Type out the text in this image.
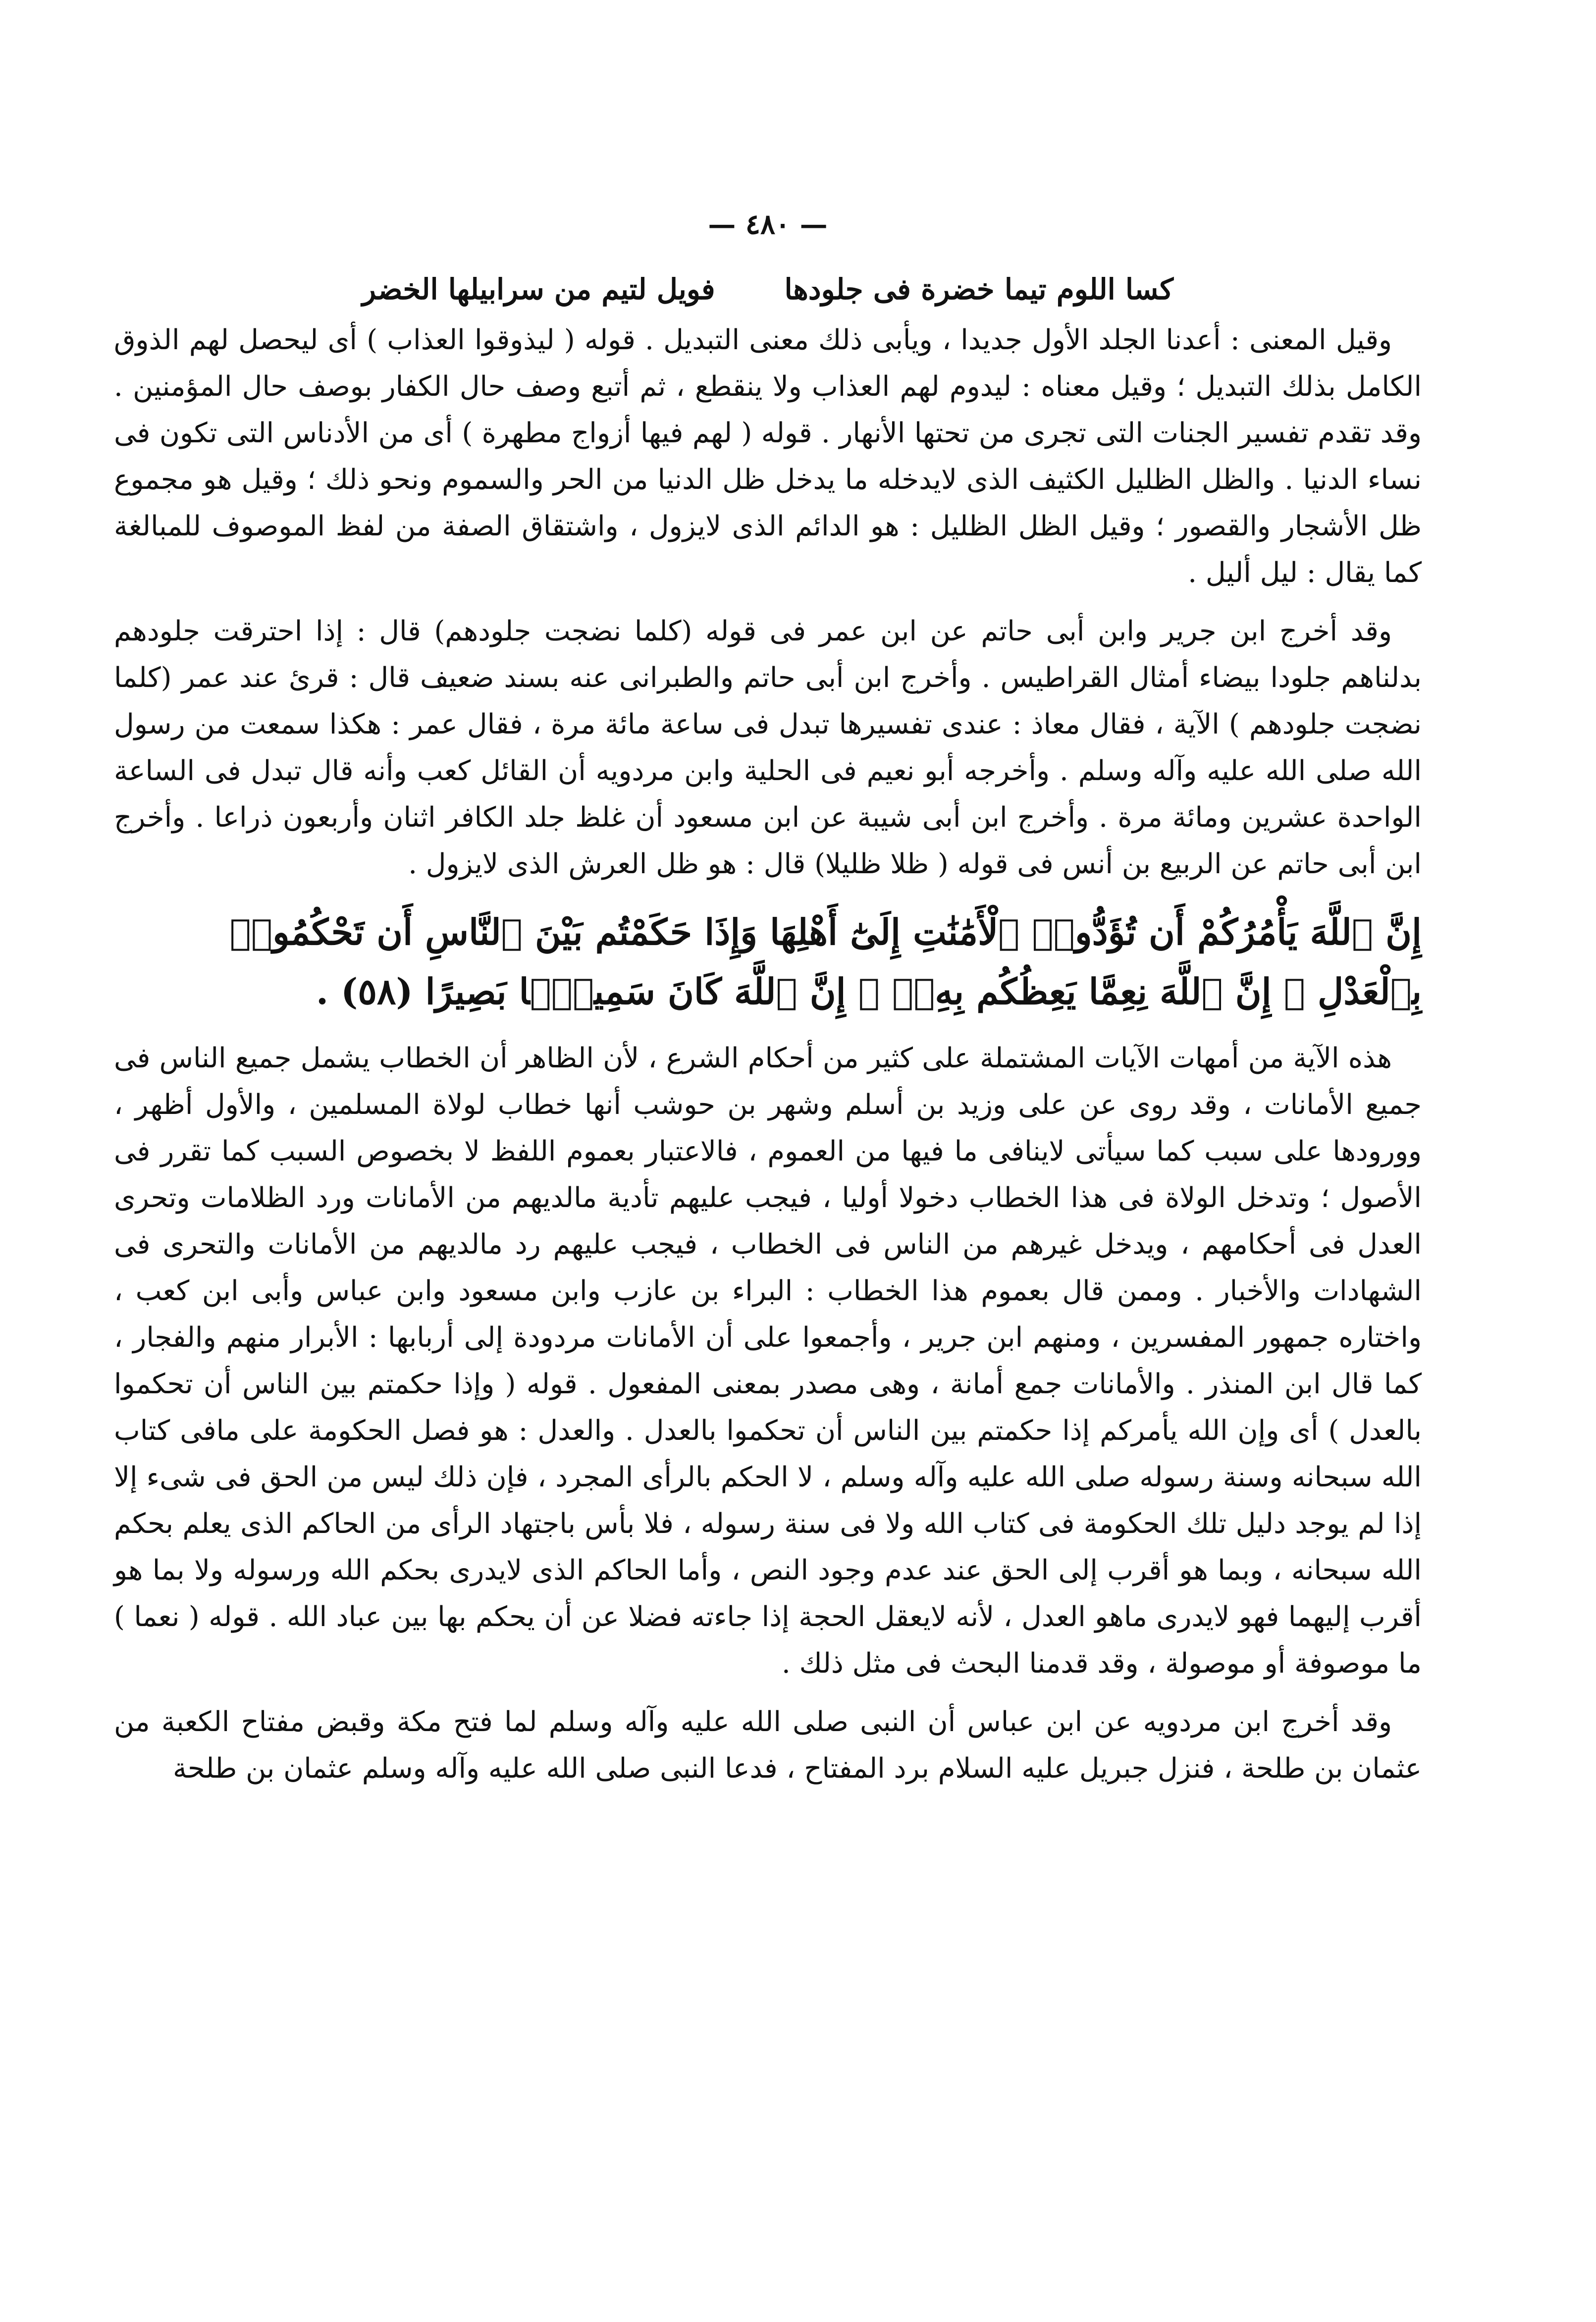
— ٤٨٠ —
كسا اللوم تيما خضرة فى جلودها
فويل لتيم من سرابيلها الخضر

وقيل المعنى : أعدنا الجلد الأول جديدا ، ويأبى ذلك معنى التبديل . قوله ( ليذوقوا العذاب ) أى ليحصل لهم الذوق الكامل بذلك التبديل ؛ وقيل معناه : ليدوم لهم العذاب ولا ينقطع ، ثم أتبع وصف حال الكفار بوصف حال المؤمنين . وقد تقدم تفسير الجنات التى تجرى من تحتها الأنهار . قوله ( لهم فيها أزواج مطهرة ) أى من الأدناس التى تكون فى نساء الدنيا . والظل الظليل الكثيف الذى لايدخله ما يدخل ظل الدنيا من الحر والسموم ونحو ذلك ؛ وقيل هو مجموع ظل الأشجار والقصور ؛ وقيل الظل الظليل : هو الدائم الذى لايزول ، واشتقاق الصفة من لفظ الموصوف للمبالغة كما يقال : ليل أليل .

وقد أخرج ابن جرير وابن أبى حاتم عن ابن عمر فى قوله (كلما نضجت جلودهم) قال : إذا احترقت جلودهم بدلناهم جلودا بيضاء أمثال القراطيس . وأخرج ابن أبى حاتم والطبرانى عنه بسند ضعيف قال : قرئ عند عمر (كلما نضجت جلودهم ) الآية ، فقال معاذ : عندى تفسيرها تبدل فى ساعة مائة مرة ، فقال عمر : هكذا سمعت من رسول الله صلى الله عليه وآله وسلم . وأخرجه أبو نعيم فى الحلية وابن مردويه أن القائل كعب وأنه قال تبدل فى الساعة الواحدة عشرين ومائة مرة . وأخرج ابن أبى شيبة عن ابن مسعود أن غلظ جلد الكافر اثنان وأربعون ذراعا . وأخرج ابن أبى حاتم عن الربيع بن أنس فى قوله ( ظلا ظليلا) قال : هو ظل العرش الذى لايزول .

إِنَّ ٱللَّهَ يَأْمُرُكُمْ أَن تُؤَدُّوا۟ ٱلْأَمَٰنَٰتِ إِلَىٰٓ أَهْلِهَا وَإِذَا حَكَمْتُم بَيْنَ ٱلنَّاسِ أَن تَحْكُمُوا۟ بِٱلْعَدْلِ ۚ إِنَّ ٱللَّهَ نِعِمَّا يَعِظُكُم بِهِۦٓ ۗ إِنَّ ٱللَّهَ كَانَ سَمِيعًۢا بَصِيرًا (٥٨) .

هذه الآية من أمهات الآيات المشتملة على كثير من أحكام الشرع ، لأن الظاهر أن الخطاب يشمل جميع الناس فى جميع الأمانات ، وقد روى عن على وزيد بن أسلم وشهر بن حوشب أنها خطاب لولاة المسلمين ، والأول أظهر ، وورودها على سبب كما سيأتى لاينافى ما فيها من العموم ، فالاعتبار بعموم اللفظ لا بخصوص السبب كما تقرر فى الأصول ؛ وتدخل الولاة فى هذا الخطاب دخولا أوليا ، فيجب عليهم تأدية مالديهم من الأمانات ورد الظلامات وتحرى العدل فى أحكامهم ، ويدخل غيرهم من الناس فى الخطاب ، فيجب عليهم رد مالديهم من الأمانات والتحرى فى الشهادات والأخبار . وممن قال بعموم هذا الخطاب : البراء بن عازب وابن مسعود وابن عباس وأبى ابن كعب ، واختاره جمهور المفسرين ، ومنهم ابن جرير ، وأجمعوا على أن الأمانات مردودة إلى أربابها : الأبرار منهم والفجار ، كما قال ابن المنذر . والأمانات جمع أمانة ، وهى مصدر بمعنى المفعول . قوله ( وإذا حكمتم بين الناس أن تحكموا بالعدل ) أى وإن الله يأمركم إذا حكمتم بين الناس أن تحكموا بالعدل . والعدل : هو فصل الحكومة على مافى كتاب الله سبحانه وسنة رسوله صلى الله عليه وآله وسلم ، لا الحكم بالرأى المجرد ، فإن ذلك ليس من الحق فى شىء إلا إذا لم يوجد دليل تلك الحكومة فى كتاب الله ولا فى سنة رسوله ، فلا بأس باجتهاد الرأى من الحاكم الذى يعلم بحكم الله سبحانه ، وبما هو أقرب إلى الحق عند عدم وجود النص ، وأما الحاكم الذى لايدرى بحكم الله ورسوله ولا بما هو أقرب إليهما فهو لايدرى ماهو العدل ، لأنه لايعقل الحجة إذا جاءته فضلا عن أن يحكم بها بين عباد الله . قوله ( نعما ) ما موصوفة أو موصولة ، وقد قدمنا البحث فى مثل ذلك .

وقد أخرج ابن مردويه عن ابن عباس أن النبى صلى الله عليه وآله وسلم لما فتح مكة وقبض مفتاح الكعبة من عثمان بن طلحة ، فنزل جبريل عليه السلام برد المفتاح ، فدعا النبى صلى الله عليه وآله وسلم عثمان بن طلحة
